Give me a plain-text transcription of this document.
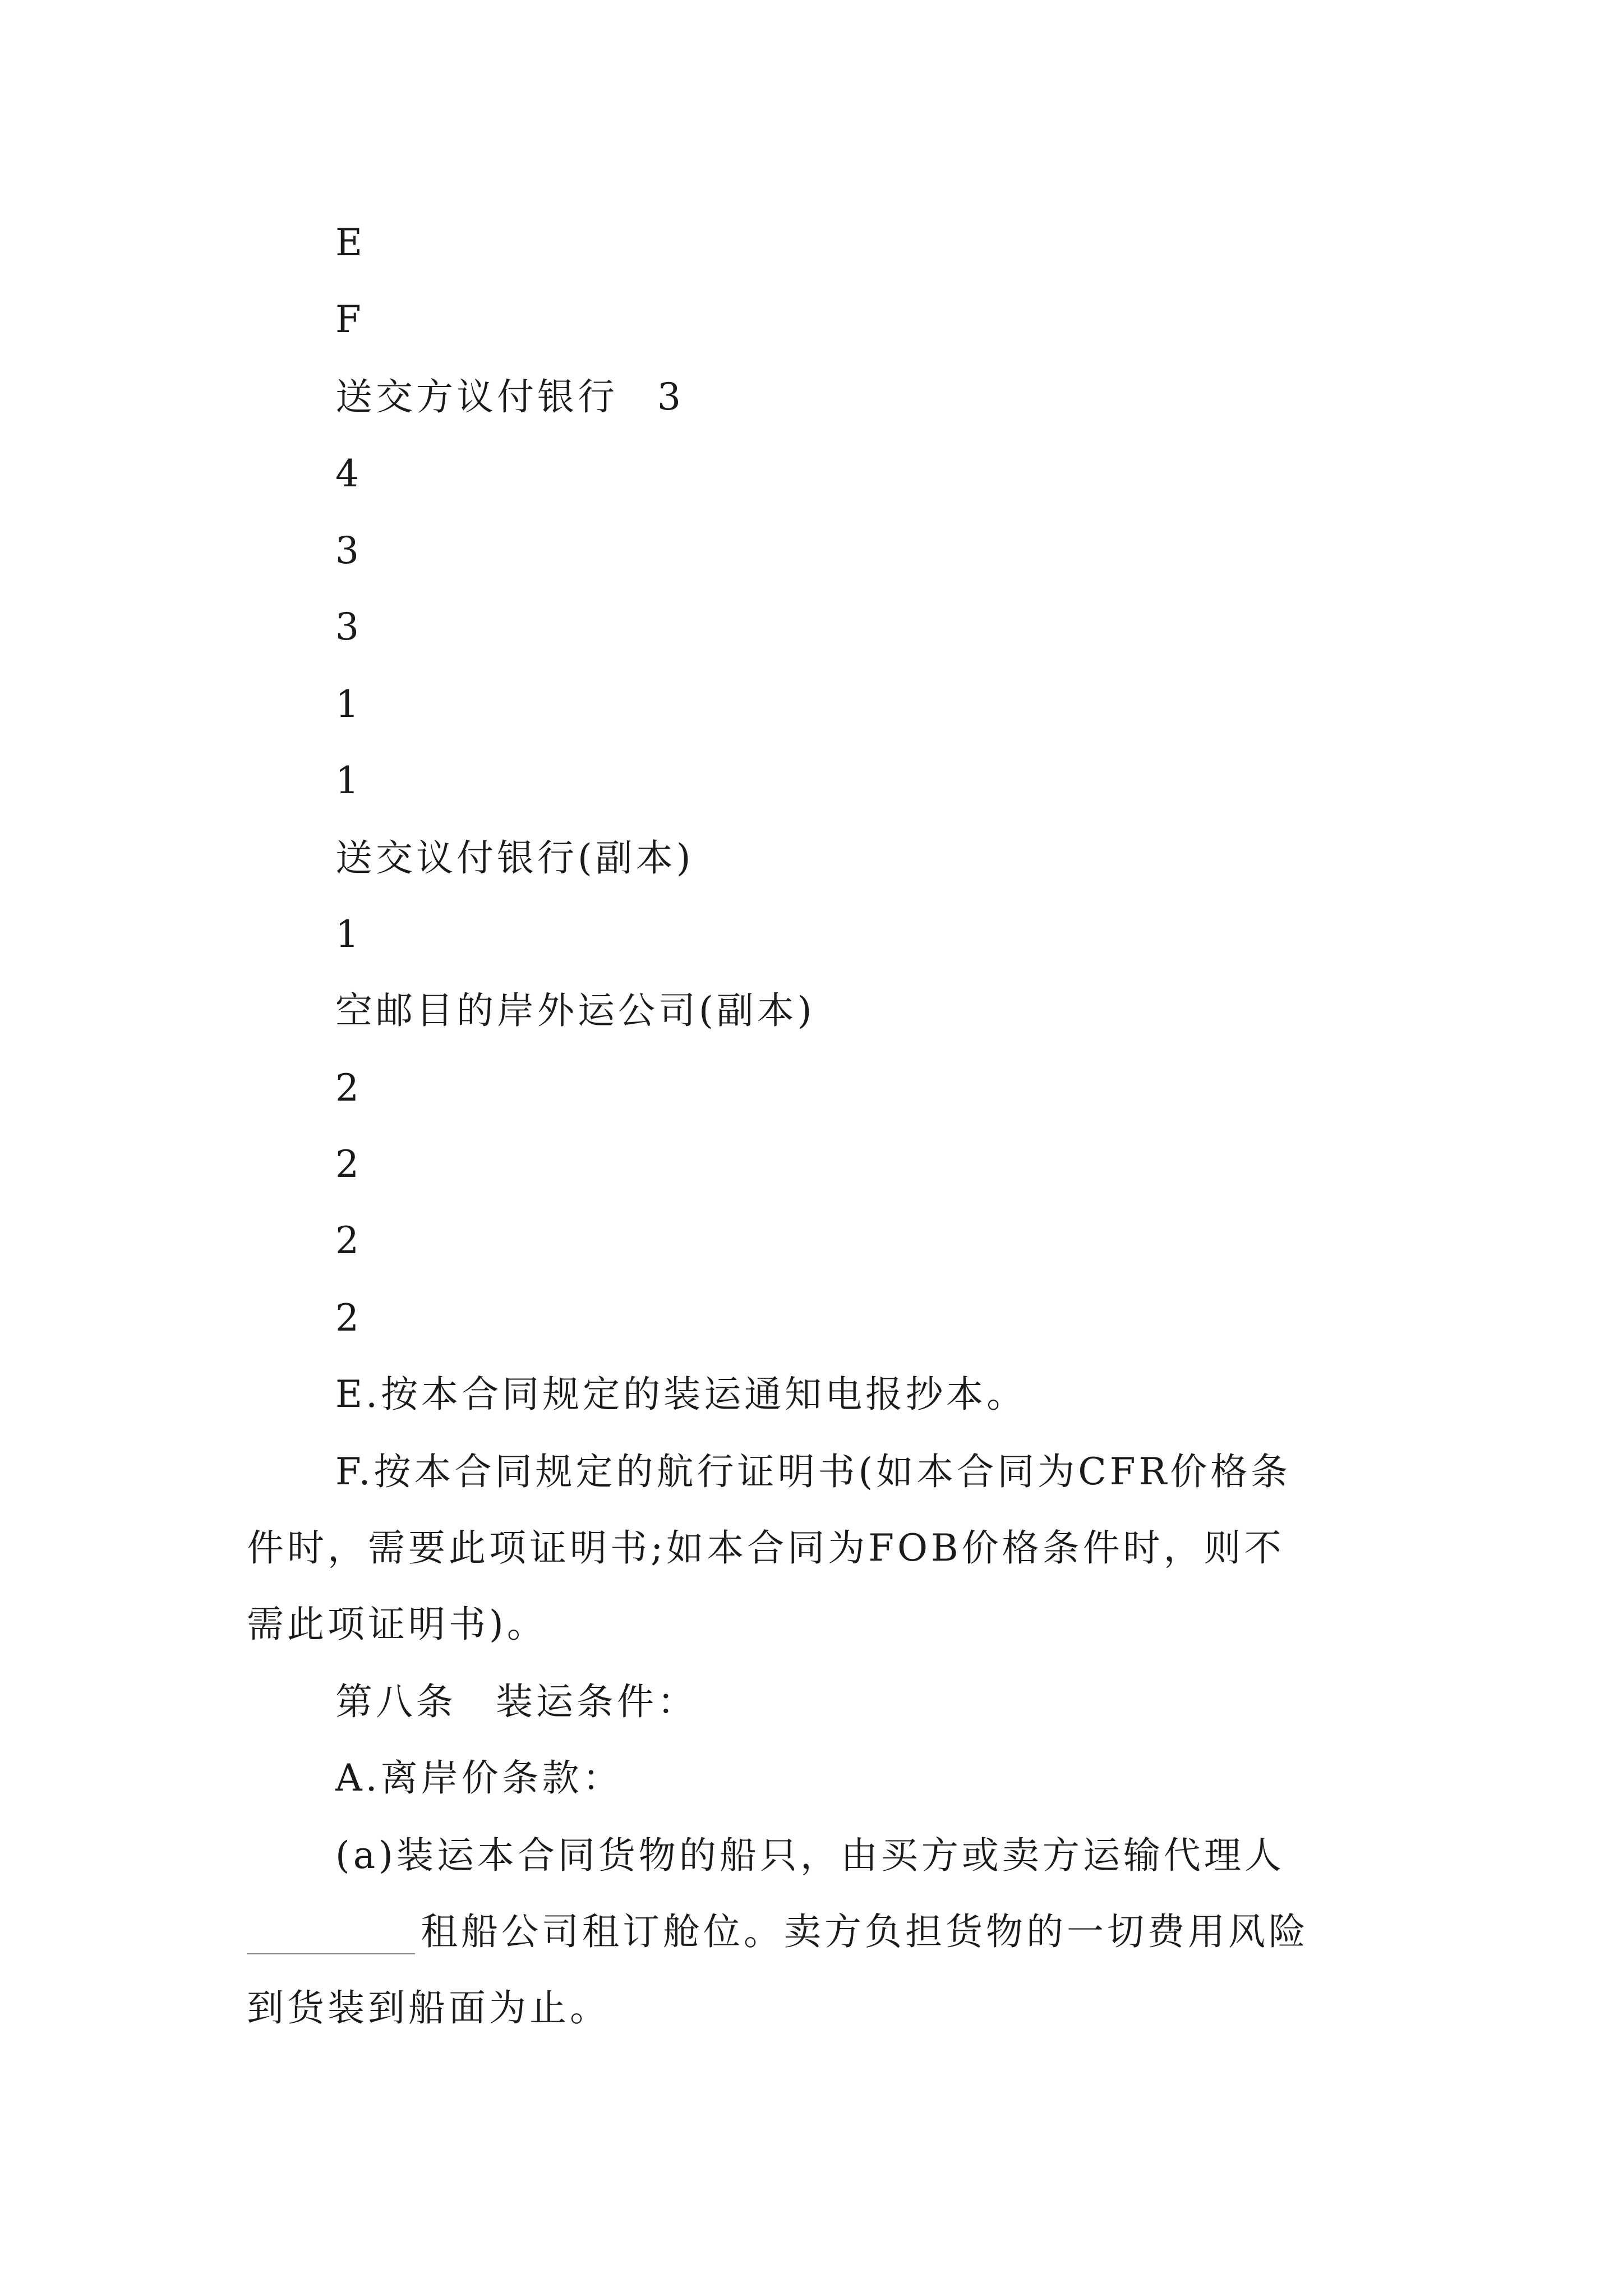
E
F
送交方议付银行 3
4
3
3
1
1
送交议付银行(副本)
1
空邮目的岸外运公司(副本)
2
2
2
2
E.按本合同规定的装运通知电报抄本。
F.按本合同规定的航行证明书(如本合同为CFR价格条
件时，需要此项证明书;如本合同为FOB价格条件时，则不
需此项证明书)。
第八条 装运条件：
A.离岸价条款：
(a)装运本合同货物的船只，由买方或卖方运输代理人
租船公司租订舱位。卖方负担货物的一切费用风险
到货装到船面为止。
